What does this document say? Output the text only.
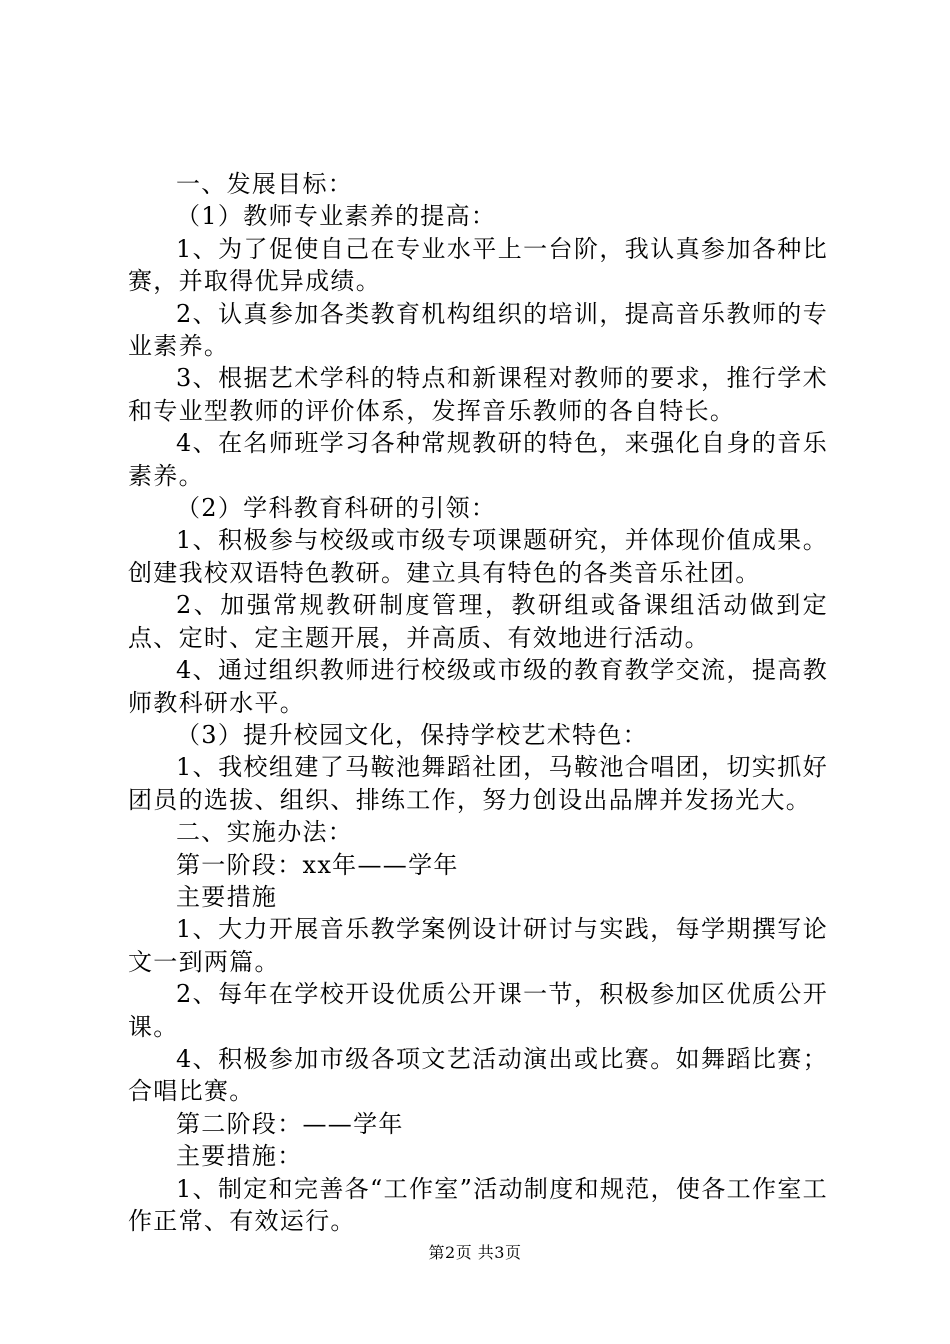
一、发展目标：

（1）教师专业素养的提高：

1、为了促使自己在专业水平上一台阶，我认真参加各种比赛，并取得优异成绩。

2、认真参加各类教育机构组织的培训，提高音乐教师的专业素养。

3、根据艺术学科的特点和新课程对教师的要求，推行学术和专业型教师的评价体系，发挥音乐教师的各自特长。

4、在名师班学习各种常规教研的特色，来强化自身的音乐素养。

（2）学科教育科研的引领：

1、积极参与校级或市级专项课题研究，并体现价值成果。创建我校双语特色教研。建立具有特色的各类音乐社团。

2、加强常规教研制度管理，教研组或备课组活动做到定点、定时、定主题开展，并高质、有效地进行活动。

4、通过组织教师进行校级或市级的教育教学交流，提高教师教科研水平。

（3）提升校园文化，保持学校艺术特色：

1、我校组建了马鞍池舞蹈社团，马鞍池合唱团，切实抓好团员的选拔、组织、排练工作，努力创设出品牌并发扬光大。

二、实施办法：

第一阶段：xx年——学年

主要措施

1、大力开展音乐教学案例设计研讨与实践，每学期撰写论文一到两篇。

2、每年在学校开设优质公开课一节，积极参加区优质公开课。

4、积极参加市级各项文艺活动演出或比赛。如舞蹈比赛；合唱比赛。

第二阶段：——学年

主要措施：

1、制定和完善各“工作室”活动制度和规范，使各工作室工作正常、有效运行。

第2页 共3页
